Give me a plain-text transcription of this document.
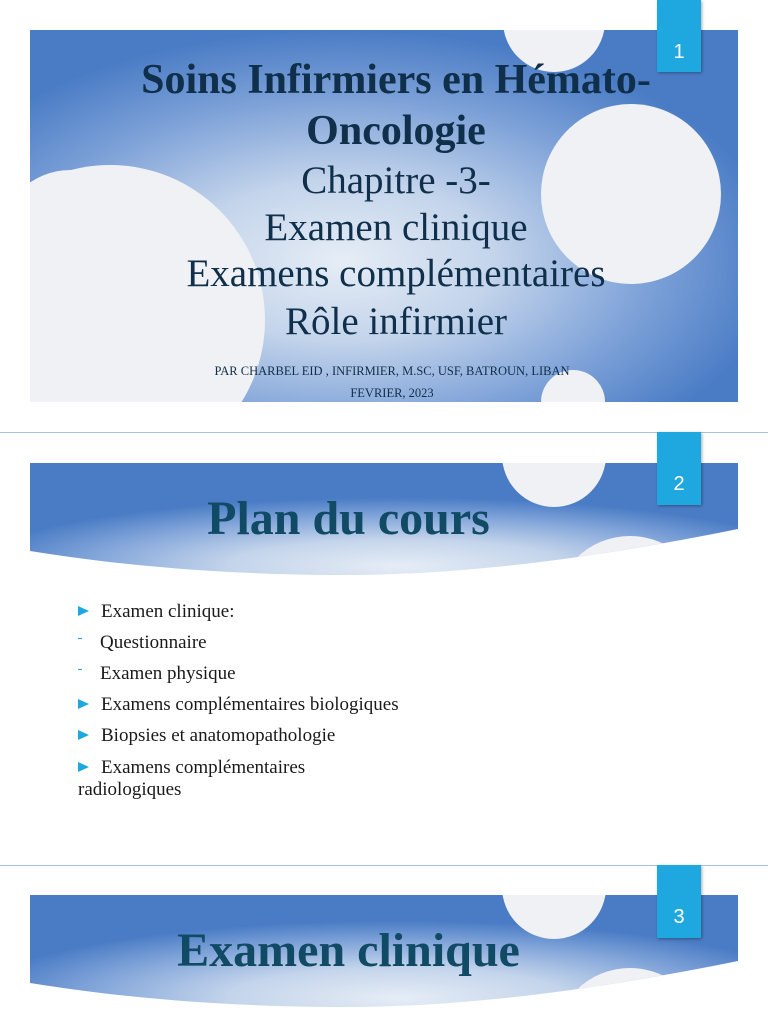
Soins Infirmiers en Hémato-
Oncologie
Chapitre -3-
Examen clinique
Examens complémentaires
Rôle infirmier
PAR CHARBEL EID , INFIRMIER, M.SC, USF, BATROUN, LIBAN
FEVRIER, 2023
1
Plan du cours
2
Examen clinique:
Questionnaire
Examen physique
Examens complémentaires biologiques
Biopsies et anatomopathologie
Examens complémentaires radiologiques
Examen clinique
3
